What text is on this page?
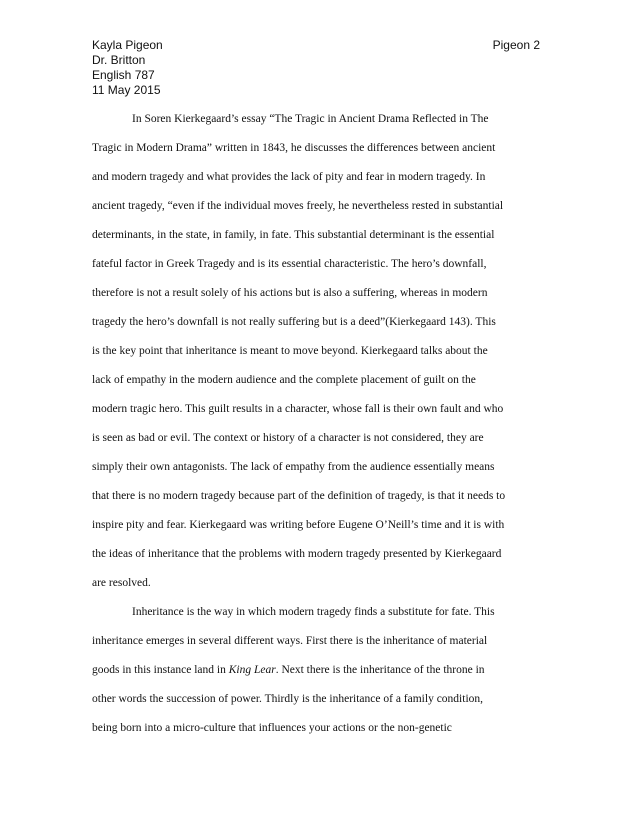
Kayla Pigeon
Dr. Britton
English 787
11 May 2015
Pigeon 2
In Soren Kierkegaard’s essay “The Tragic in Ancient Drama Reflected in The
Tragic in Modern Drama” written in 1843, he discusses the differences between ancient
and modern tragedy and what provides the lack of pity and fear in modern tragedy. In
ancient tragedy, “even if the individual moves freely, he nevertheless rested in substantial
determinants, in the state, in family, in fate. This substantial determinant is the essential
fateful factor in Greek Tragedy and is its essential characteristic. The hero’s downfall,
therefore is not a result solely of his actions but is also a suffering, whereas in modern
tragedy the hero’s downfall is not really suffering but is a deed”(Kierkegaard 143). This
is the key point that inheritance is meant to move beyond. Kierkegaard talks about the
lack of empathy in the modern audience and the complete placement of guilt on the
modern tragic hero. This guilt results in a character, whose fall is their own fault and who
is seen as bad or evil. The context or history of a character is not considered, they are
simply their own antagonists. The lack of empathy from the audience essentially means
that there is no modern tragedy because part of the definition of tragedy, is that it needs to
inspire pity and fear. Kierkegaard was writing before Eugene O’Neill’s time and it is with
the ideas of inheritance that the problems with modern tragedy presented by Kierkegaard
are resolved.
Inheritance is the way in which modern tragedy finds a substitute for fate. This
inheritance emerges in several different ways. First there is the inheritance of material
goods in this instance land in King Lear. Next there is the inheritance of the throne in
other words the succession of power. Thirdly is the inheritance of a family condition,
being born into a micro-culture that influences your actions or the non-genetic
